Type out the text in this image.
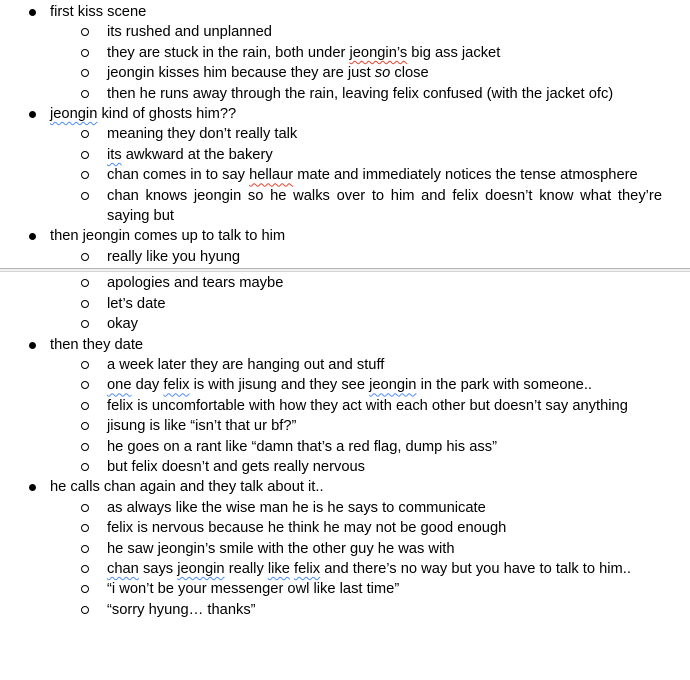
first kiss scene
its rushed and unplanned
they are stuck in the rain, both under jeongin’s big ass jacket
jeongin kisses him because they are just so close
then he runs away through the rain, leaving felix confused (with the jacket ofc)
jeongin kind of ghosts him??
meaning they don’t really talk
its awkward at the bakery
chan comes in to say hellaur mate and immediately notices the tense atmosphere
chan knows jeongin so he walks over to him and felix doesn’t know what they’re saying but
then jeongin comes up to talk to him
really like you hyung
apologies and tears maybe
let’s date
okay
then they date
a week later they are hanging out and stuff
one day felix is with jisung and they see jeongin in the park with someone..
felix is uncomfortable with how they act with each other but doesn’t say anything
jisung is like “isn’t that ur bf?”
he goes on a rant like “damn that’s a red flag, dump his ass”
but felix doesn’t and gets really nervous
he calls chan again and they talk about it..
as always like the wise man he is he says to communicate
felix is nervous because he think he may not be good enough
he saw jeongin’s smile with the other guy he was with
chan says jeongin really like felix and there’s no way but you have to talk to him..
“i won’t be your messenger owl like last time”
“sorry hyung… thanks”
